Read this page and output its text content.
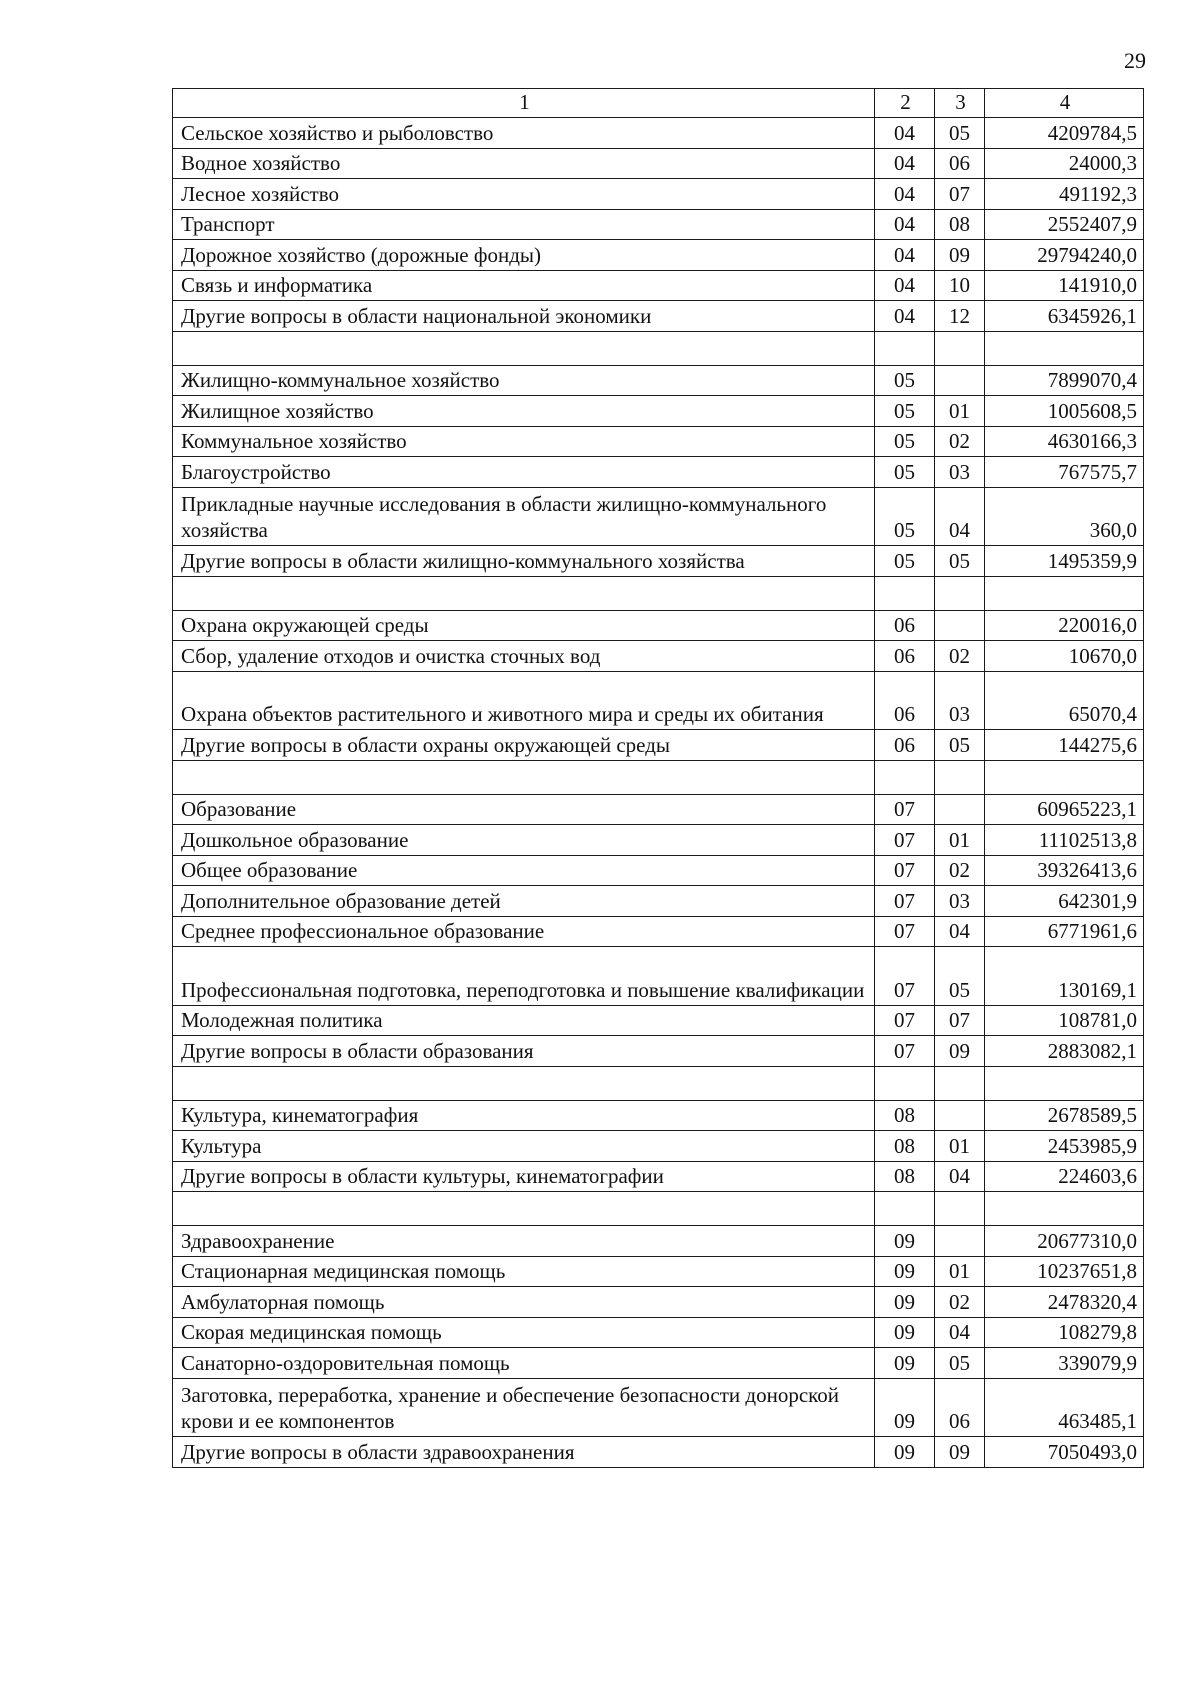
29
1	2	3	4
Сельское хозяйство и рыболовство	04	05	4209784,5
Водное хозяйство	04	06	24000,3
Лесное хозяйство	04	07	491192,3
Транспорт	04	08	2552407,9
Дорожное хозяйство (дорожные фонды)	04	09	29794240,0
Связь и информатика	04	10	141910,0
Другие вопросы в области национальной экономики	04	12	6345926,1

Жилищно-коммунальное хозяйство	05		7899070,4
Жилищное хозяйство	05	01	1005608,5
Коммунальное хозяйство	05	02	4630166,3
Благоустройство	05	03	767575,7
Прикладные научные исследования в области жилищно-коммунального хозяйства	05	04	360,0
Другие вопросы в области жилищно-коммунального хозяйства	05	05	1495359,9

Охрана окружающей среды	06		220016,0
Сбор, удаление отходов и очистка сточных вод	06	02	10670,0
Охрана объектов растительного и животного мира и среды их обитания	06	03	65070,4
Другие вопросы в области охраны окружающей среды	06	05	144275,6

Образование	07		60965223,1
Дошкольное образование	07	01	11102513,8
Общее образование	07	02	39326413,6
Дополнительное образование детей	07	03	642301,9
Среднее профессиональное образование	07	04	6771961,6
Профессиональная подготовка, переподготовка и повышение квалификации	07	05	130169,1
Молодежная политика	07	07	108781,0
Другие вопросы в области образования	07	09	2883082,1

Культура, кинематография	08		2678589,5
Культура	08	01	2453985,9
Другие вопросы в области культуры, кинематографии	08	04	224603,6

Здравоохранение	09		20677310,0
Стационарная медицинская помощь	09	01	10237651,8
Амбулаторная помощь	09	02	2478320,4
Скорая медицинская помощь	09	04	108279,8
Санаторно-оздоровительная помощь	09	05	339079,9
Заготовка, переработка, хранение и обеспечение безопасности донорской крови и ее компонентов	09	06	463485,1
Другие вопросы в области здравоохранения	09	09	7050493,0
